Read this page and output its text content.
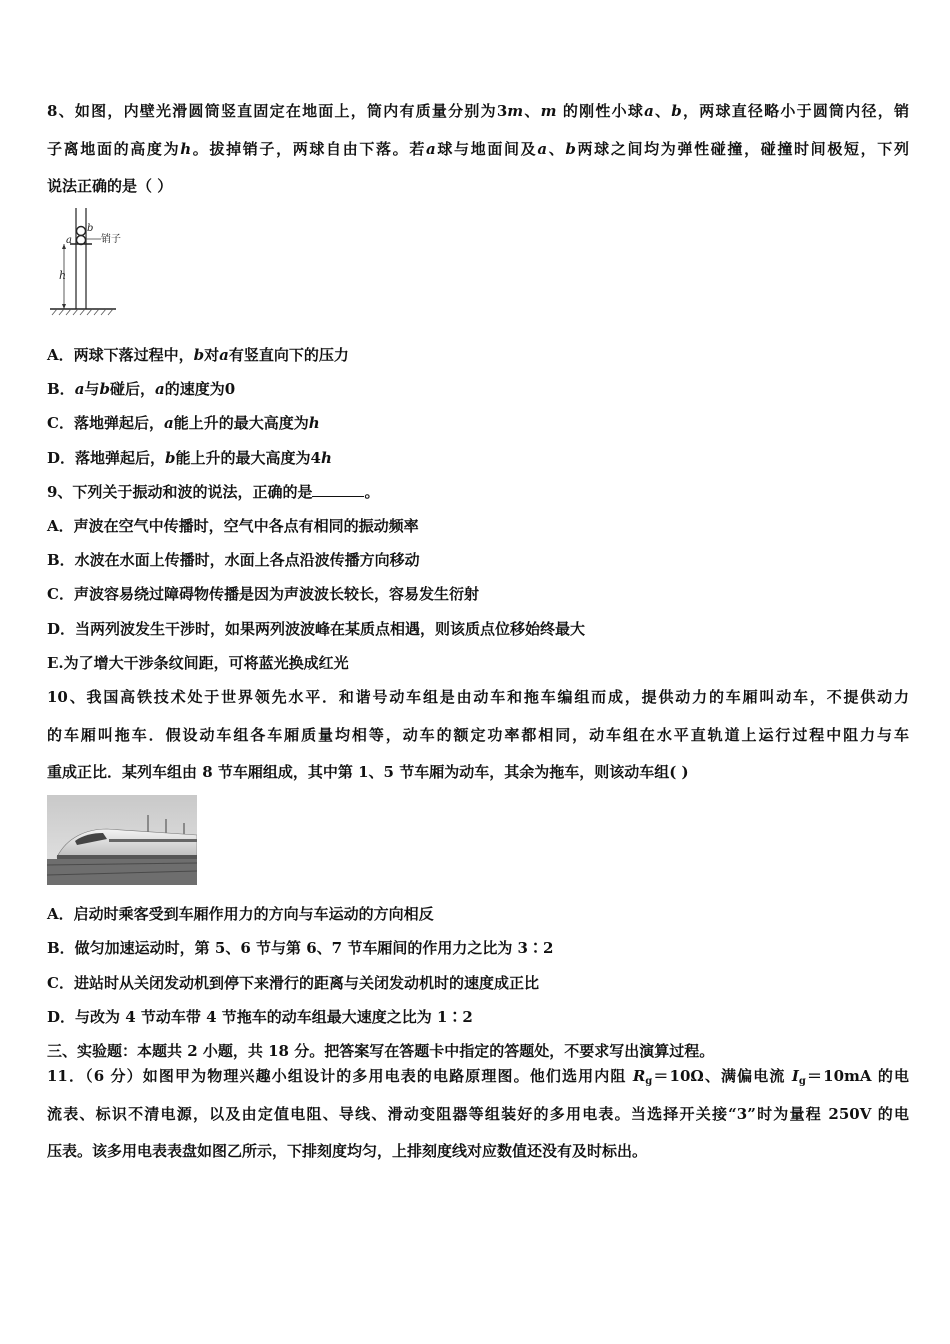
8、如图，内壁光滑圆筒竖直固定在地面上，筒内有质量分别为3m、m 的刚性小球a、b，两球直径略小于圆筒内径，销
子离地面的高度为h。拔掉销子，两球自由下落。若a球与地面间及a、b两球之间均为弹性碰撞，碰撞时间极短，下列
说法正确的是（ ）
a
b
销子
h
A．两球下落过程中，b对a有竖直向下的压力
B．a与b碰后，a的速度为0
C．落地弹起后，a能上升的最大高度为h
D．落地弹起后，b能上升的最大高度为4h
9、下列关于振动和波的说法，正确的是	。
A．声波在空气中传播时，空气中各点有相同的振动频率
B．水波在水面上传播时，水面上各点沿波传播方向移动
C．声波容易绕过障碍物传播是因为声波波长较长，容易发生衍射
D．当两列波发生干涉时，如果两列波波峰在某质点相遇，则该质点位移始终最大
E.为了增大干涉条纹间距，可将蓝光换成红光
10、我国高铁技术处于世界领先水平．和谐号动车组是由动车和拖车编组而成，提供动力的车厢叫动车，不提供动力
的车厢叫拖车．假设动车组各车厢质量均相等，动车的额定功率都相同，动车组在水平直轨道上运行过程中阻力与车
重成正比．某列车组由 8 节车厢组成，其中第 1、5 节车厢为动车，其余为拖车，则该动车组( )
A．启动时乘客受到车厢作用力的方向与车运动的方向相反
B．做匀加速运动时，第 5、6 节与第 6、7 节车厢间的作用力之比为 3∶2
C．进站时从关闭发动机到停下来滑行的距离与关闭发动机时的速度成正比
D．与改为 4 节动车带 4 节拖车的动车组最大速度之比为 1∶2
三、实验题：本题共 2 小题，共 18 分。把答案写在答题卡中指定的答题处，不要求写出演算过程。
11．（6 分）如图甲为物理兴趣小组设计的多用电表的电路原理图。他们选用内阻 $R_g=10\Omega$、满偏电流 $I_g=10mA$ 的电
流表、标识不清电源，以及由定值电阻、导线、滑动变阻器等组装好的多用电表。当选择开关接“3”时为量程 250V 的电
压表。该多用电表表盘如图乙所示，下排刻度均匀，上排刻度线对应数值还没有及时标出。
